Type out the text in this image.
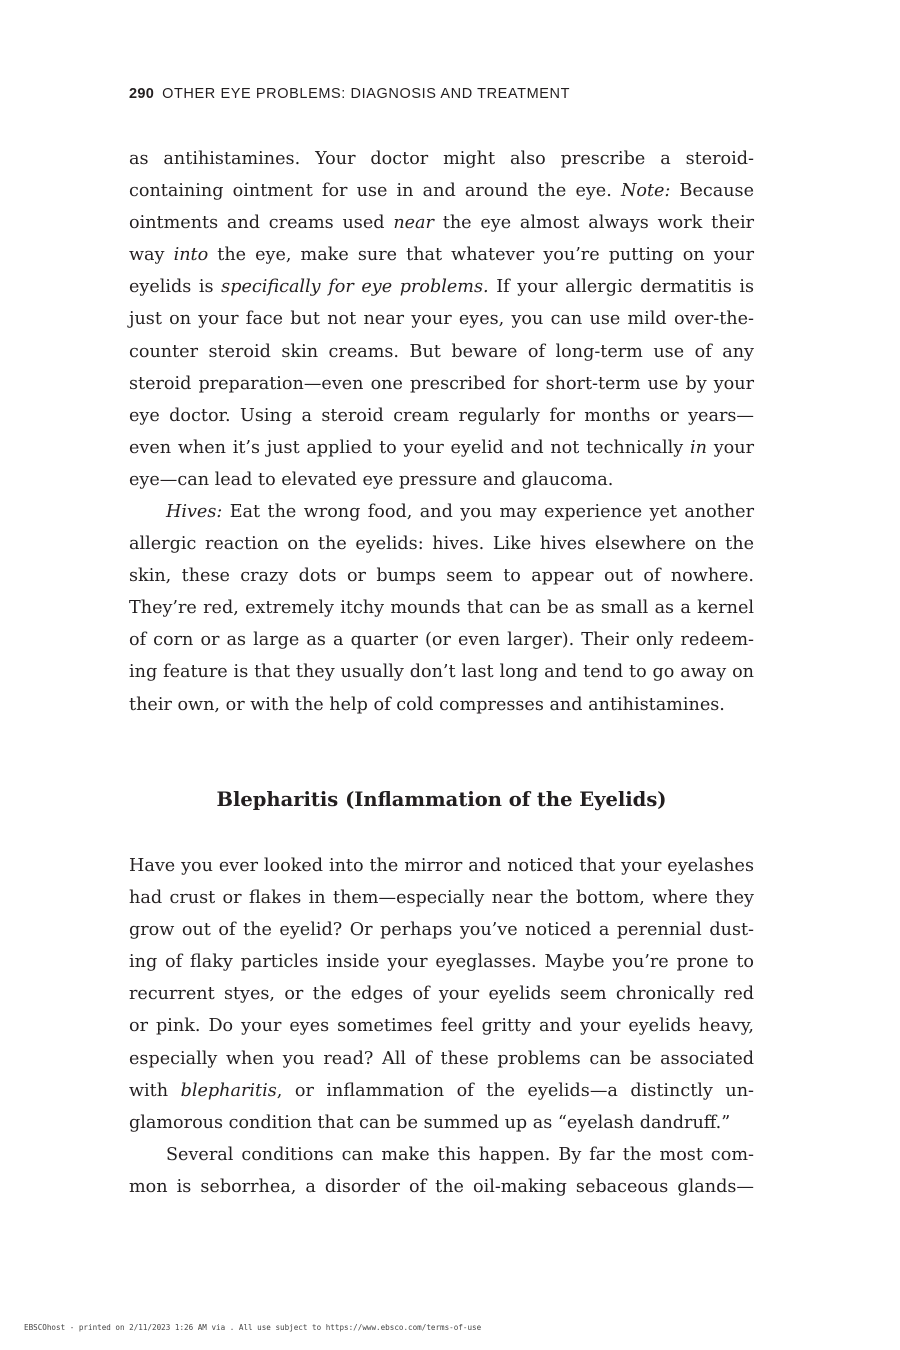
290 OTHER EYE PROBLEMS: DIAGNOSIS AND TREATMENT
as antihistamines. Your doctor might also prescribe a steroid-
containing ointment for use in and around the eye. Note: Because
ointments and creams used near the eye almost always work their
way into the eye, make sure that whatever you’re putting on your
eyelids is specifically for eye problems. If your allergic dermatitis is
just on your face but not near your eyes, you can use mild over-the-
counter steroid skin creams. But beware of long-term use of any
steroid preparation—even one prescribed for short-term use by your
eye doctor. Using a steroid cream regularly for months or years—
even when it’s just applied to your eyelid and not technically in your
eye—can lead to elevated eye pressure and glaucoma.
Hives: Eat the wrong food, and you may experience yet another
allergic reaction on the eyelids: hives. Like hives elsewhere on the
skin, these crazy dots or bumps seem to appear out of nowhere.
They’re red, extremely itchy mounds that can be as small as a kernel
of corn or as large as a quarter (or even larger). Their only redeem-
ing feature is that they usually don’t last long and tend to go away on
their own, or with the help of cold compresses and antihistamines.
Blepharitis (Inflammation of the Eyelids)
Have you ever looked into the mirror and noticed that your eyelashes
had crust or flakes in them—especially near the bottom, where they
grow out of the eyelid? Or perhaps you’ve noticed a perennial dust-
ing of flaky particles inside your eyeglasses. Maybe you’re prone to
recurrent styes, or the edges of your eyelids seem chronically red
or pink. Do your eyes sometimes feel gritty and your eyelids heavy,
especially when you read? All of these problems can be associated
with blepharitis, or inflammation of the eyelids—a distinctly un-
glamorous condition that can be summed up as “eyelash dandruff.”
Several conditions can make this happen. By far the most com-
mon is seborrhea, a disorder of the oil-making sebaceous glands—
EBSCOhost - printed on 2/11/2023 1:26 AM via . All use subject to https://www.ebsco.com/terms-of-use
